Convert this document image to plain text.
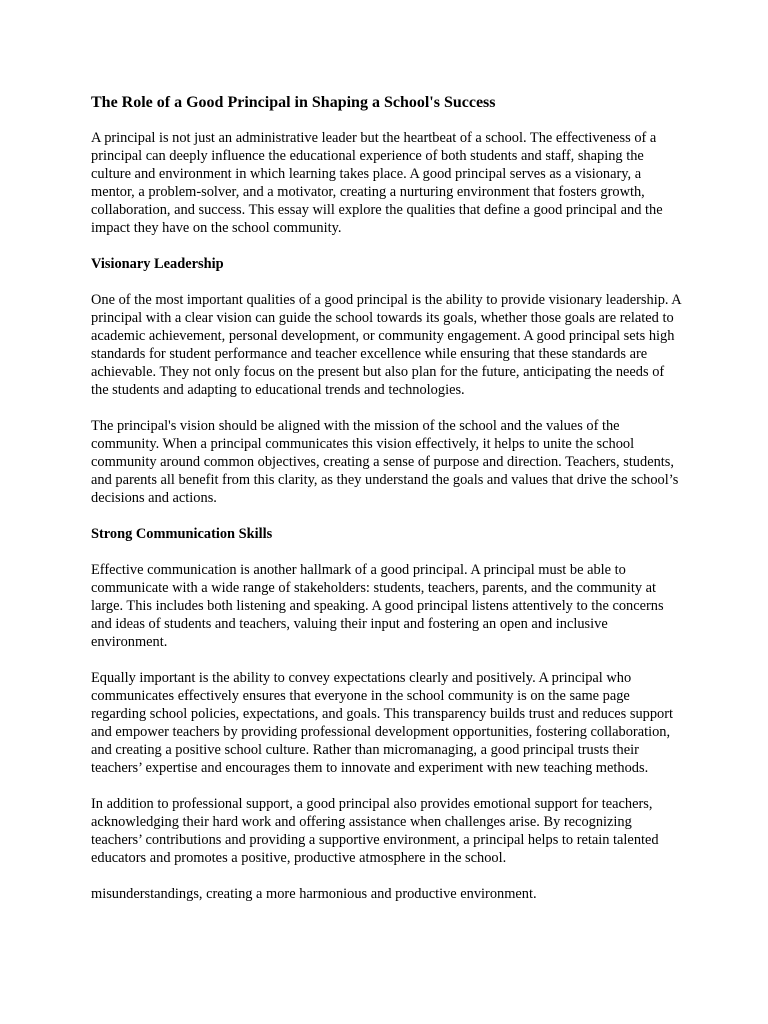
The Role of a Good Principal in Shaping a School's Success

A principal is not just an administrative leader but the heartbeat of a school. The effectiveness of a principal can deeply influence the educational experience of both students and staff, shaping the culture and environment in which learning takes place. A good principal serves as a visionary, a mentor, a problem-solver, and a motivator, creating a nurturing environment that fosters growth, collaboration, and success. This essay will explore the qualities that define a good principal and the impact they have on the school community.

Visionary Leadership

One of the most important qualities of a good principal is the ability to provide visionary leadership. A principal with a clear vision can guide the school towards its goals, whether those goals are related to academic achievement, personal development, or community engagement. A good principal sets high standards for student performance and teacher excellence while ensuring that these standards are achievable. They not only focus on the present but also plan for the future, anticipating the needs of the students and adapting to educational trends and technologies.

The principal's vision should be aligned with the mission of the school and the values of the community. When a principal communicates this vision effectively, it helps to unite the school community around common objectives, creating a sense of purpose and direction. Teachers, students, and parents all benefit from this clarity, as they understand the goals and values that drive the school’s decisions and actions.

Strong Communication Skills

Effective communication is another hallmark of a good principal. A principal must be able to communicate with a wide range of stakeholders: students, teachers, parents, and the community at large. This includes both listening and speaking. A good principal listens attentively to the concerns and ideas of students and teachers, valuing their input and fostering an open and inclusive environment.

Equally important is the ability to convey expectations clearly and positively. A principal who communicates effectively ensures that everyone in the school community is on the same page regarding school policies, expectations, and goals. This transparency builds trust and reduces support and empower teachers by providing professional development opportunities, fostering collaboration, and creating a positive school culture. Rather than micromanaging, a good principal trusts their teachers’ expertise and encourages them to innovate and experiment with new teaching methods.

In addition to professional support, a good principal also provides emotional support for teachers, acknowledging their hard work and offering assistance when challenges arise. By recognizing teachers’ contributions and providing a supportive environment, a principal helps to retain talented educators and promotes a positive, productive atmosphere in the school.

misunderstandings, creating a more harmonious and productive environment.
